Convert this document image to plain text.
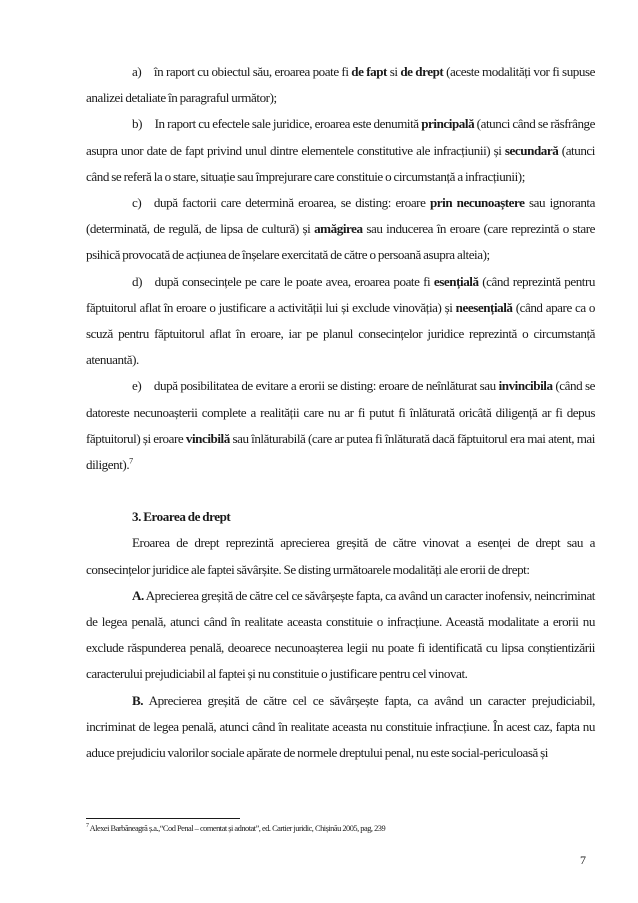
a) în raport cu obiectul său, eroarea poate fi de fapt si de drept (aceste modalități vor fi supuse analizei detaliate în paragraful următor);

b) In raport cu efectele sale juridice, eroarea este denumită principală (atunci când se răsfrânge asupra unor date de fapt privind unul dintre elementele constitutive ale infracțiunii) și secundară (atunci când se referă la o stare, situație sau împrejurare care constituie o circumstanță a infracțiunii);

c) după factorii care determină eroarea, se disting: eroare prin necunoaștere sau ignoranta (determinată, de regulă, de lipsa de cultură) și amăgirea sau inducerea în eroare (care reprezintă o stare psihică provocată de acțiunea de înșelare exercitată de către o persoană asupra alteia);

d) după consecințele pe care le poate avea, eroarea poate fi esențială (când reprezintă pentru făptuitorul aflat în eroare o justificare a activității lui și exclude vinovăția) și neesențială (când apare ca o scuză pentru făptuitorul aflat în eroare, iar pe planul consecințelor juridice reprezintă o circumstanță atenuantă).

e) după posibilitatea de evitare a erorii se disting: eroare de neînlăturat sau invincibila (când se datoreste necunoașterii complete a realității care nu ar fi putut fi înlăturată oricâtă diligență ar fi depus făptuitorul) și eroare vincibilă sau înlăturabilă (care ar putea fi înlăturată dacă făptuitorul era mai atent, mai diligent).$^7$

3. Eroarea de drept

Eroarea de drept reprezintă aprecierea greșită de către vinovat a esenței de drept sau a consecințelor juridice ale faptei săvârșite. Se disting următoarele modalități ale erorii de drept:

A. Aprecierea greșită de către cel ce săvârșește fapta, ca având un caracter inofensiv, neincriminat de legea penală, atunci când în realitate aceasta constituie o infracțiune. Această modalitate a erorii nu exclude răspunderea penală, deoarece necunoașterea legii nu poate fi identificată cu lipsa conștientizării caracterului prejudiciabil al faptei și nu constituie o justificare pentru cel vinovat.

B. Aprecierea greșită de către cel ce săvârșește fapta, ca având un caracter prejudiciabil, incriminat de legea penală, atunci când în realitate aceasta nu constituie infracțiune. În acest caz, fapta nu aduce prejudiciu valorilor sociale apărate de normele dreptului penal, nu este social-periculoasă și

$^7$ Alexei Barbăneagră ș.a.,“Cod Penal – comentat și adnotat”, ed. Cartier juridic, Chișinău 2005, pag, 239
7
